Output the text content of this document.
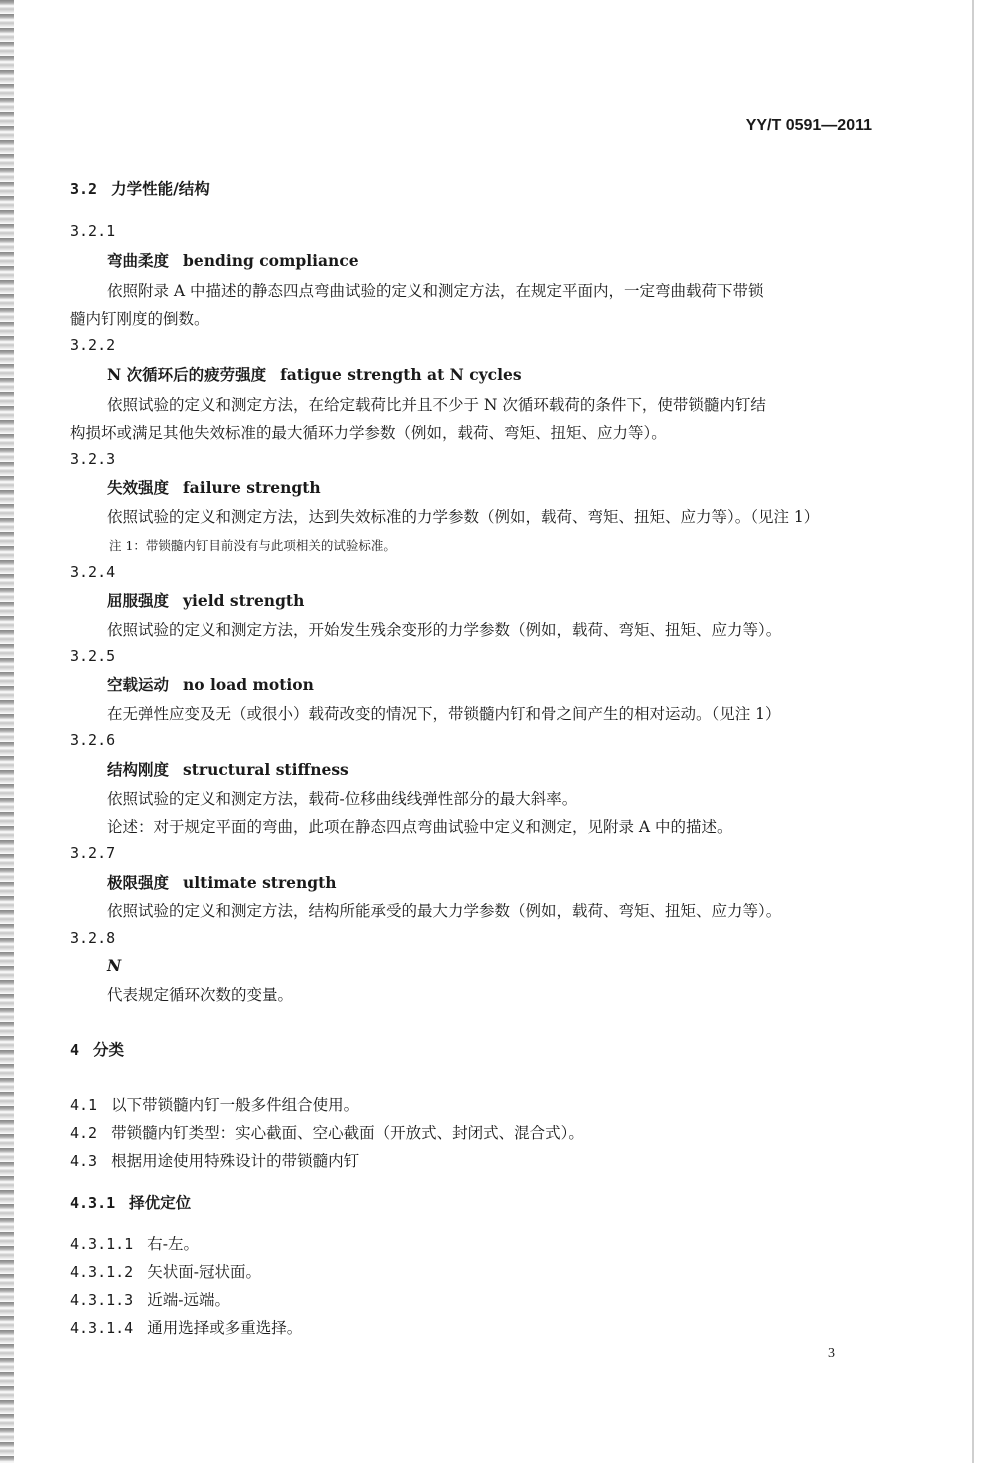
YY/T 0591—2011
3.2 力学性能/结构
3.2.1
弯曲柔度 bending compliance
依照附录 A 中描述的静态四点弯曲试验的定义和测定方法，在规定平面内，一定弯曲载荷下带锁
髓内钉刚度的倒数。
3.2.2
N 次循环后的疲劳强度 fatigue strength at N cycles
依照试验的定义和测定方法，在给定载荷比并且不少于 N 次循环载荷的条件下，使带锁髓内钉结
构损坏或满足其他失效标准的最大循环力学参数（例如，载荷、弯矩、扭矩、应力等）。
3.2.3
失效强度 failure strength
依照试验的定义和测定方法，达到失效标准的力学参数（例如，载荷、弯矩、扭矩、应力等）。（见注 1）
注 1：带锁髓内钉目前没有与此项相关的试验标准。
3.2.4
屈服强度 yield strength
依照试验的定义和测定方法，开始发生残余变形的力学参数（例如，载荷、弯矩、扭矩、应力等）。
3.2.5
空载运动 no load motion
在无弹性应变及无（或很小）载荷改变的情况下，带锁髓内钉和骨之间产生的相对运动。（见注 1）
3.2.6
结构刚度 structural stiffness
依照试验的定义和测定方法，载荷-位移曲线线弹性部分的最大斜率。
论述：对于规定平面的弯曲，此项在静态四点弯曲试验中定义和测定，见附录 A 中的描述。
3.2.7
极限强度 ultimate strength
依照试验的定义和测定方法，结构所能承受的最大力学参数（例如，载荷、弯矩、扭矩、应力等）。
3.2.8
N
代表规定循环次数的变量。
4 分类
4.1 以下带锁髓内钉一般多件组合使用。
4.2 带锁髓内钉类型：实心截面、空心截面（开放式、封闭式、混合式）。
4.3 根据用途使用特殊设计的带锁髓内钉
4.3.1 择优定位
4.3.1.1 右-左。
4.3.1.2 矢状面-冠状面。
4.3.1.3 近端-远端。
4.3.1.4 通用选择或多重选择。
3
